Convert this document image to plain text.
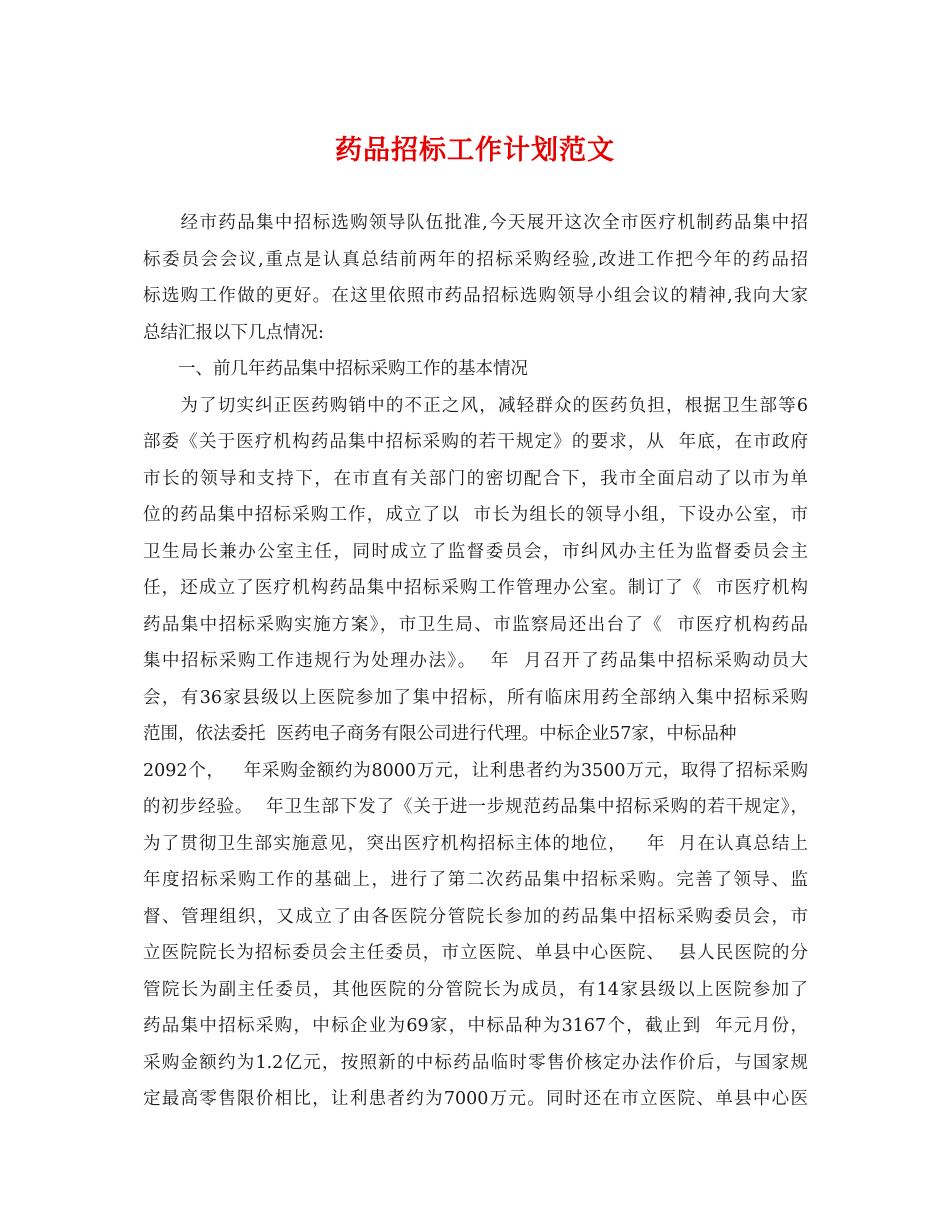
药品招标工作计划范文
　　经市药品集中招标选购领导队伍批准,今天展开这次全市医疗机制药品集中招
标委员会会议,重点是认真总结前两年的招标采购经验,改进工作把今年的药品招
标选购工作做的更好。在这里依照市药品招标选购领导小组会议的精神,我向大家
总结汇报以下几点情况:
　　一、前几年药品集中招标采购工作的基本情况
　　为了切实纠正医药购销中的不正之风，减轻群众的医药负担，根据卫生部等6
部委《关于医疗机构药品集中招标采购的若干规定》的要求，从  年底，在市政府
市长的领导和支持下，在市直有关部门的密切配合下，我市全面启动了以市为单
位的药品集中招标采购工作，成立了以  市长为组长的领导小组，下设办公室，市
卫生局长兼办公室主任，同时成立了监督委员会，市纠风办主任为监督委员会主
任，还成立了医疗机构药品集中招标采购工作管理办公室。制订了《  市医疗机构
药品集中招标采购实施方案》，市卫生局、市监察局还出台了《  市医疗机构药品
集中招标采购工作违规行为处理办法》。  年  月召开了药品集中招标采购动员大
会，有36家县级以上医院参加了集中招标，所有临床用药全部纳入集中招标采购
范围，依法委托  医药电子商务有限公司进行代理。中标企业57家，中标品种
2092个，   年采购金额约为8000万元，让利患者约为3500万元，取得了招标采购
的初步经验。  年卫生部下发了《关于进一步规范药品集中招标采购的若干规定》，
为了贯彻卫生部实施意见，突出医疗机构招标主体的地位，   年  月在认真总结上
年度招标采购工作的基础上，进行了第二次药品集中招标采购。完善了领导、监
督、管理组织，又成立了由各医院分管院长参加的药品集中招标采购委员会，市
立医院院长为招标委员会主任委员，市立医院、单县中心医院、  县人民医院的分
管院长为副主任委员，其他医院的分管院长为成员，有14家县级以上医院参加了
药品集中招标采购，中标企业为69家，中标品种为3167个，截止到  年元月份，
采购金额约为1.2亿元，按照新的中标药品临时零售价核定办法作价后，与国家规
定最高零售限价相比，让利患者约为7000万元。同时还在市立医院、单县中心医
